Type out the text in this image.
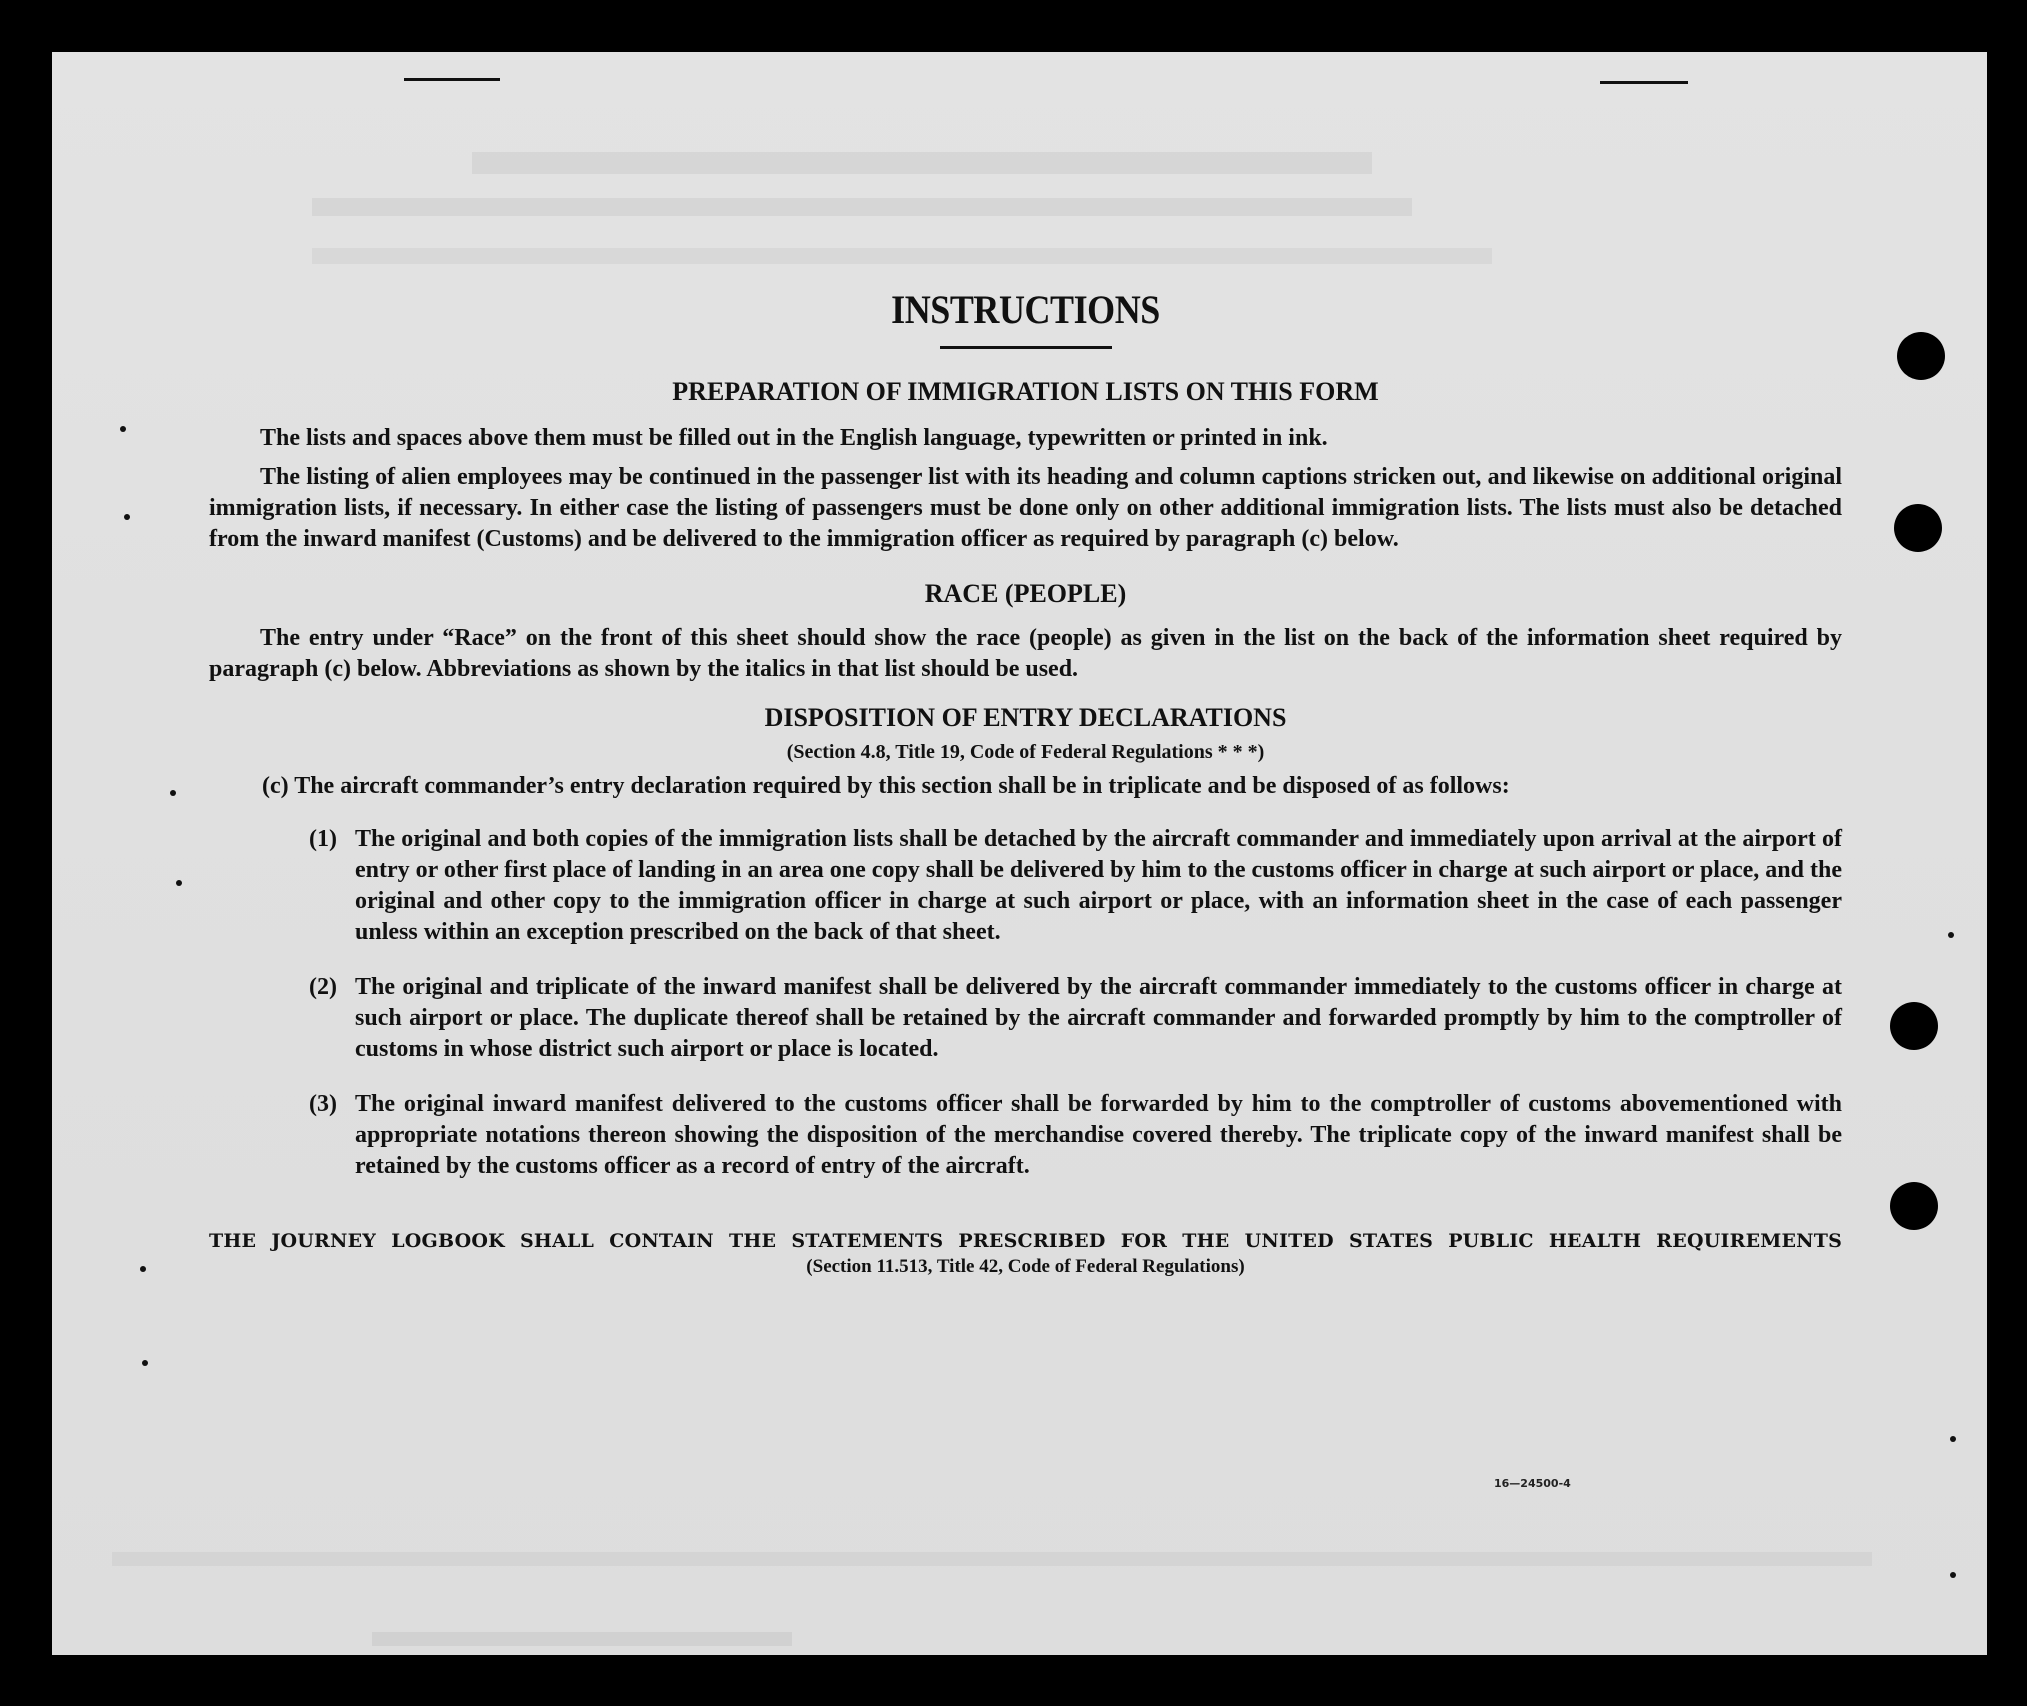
INSTRUCTIONS
PREPARATION OF IMMIGRATION LISTS ON THIS FORM

The lists and spaces above them must be filled out in the English language, typewritten or printed in ink.

The listing of alien employees may be continued in the passenger list with its heading and column captions stricken out, and likewise on additional original immigration lists, if necessary. In either case the listing of passengers must be done only on other additional immigration lists. The lists must also be detached from the inward manifest (Customs) and be delivered to the immigration officer as required by paragraph (c) below.

RACE (PEOPLE)

The entry under “Race” on the front of this sheet should show the race (people) as given in the list on the back of the information sheet required by paragraph (c) below. Abbreviations as shown by the italics in that list should be used.

DISPOSITION OF ENTRY DECLARATIONS

(Section 4.8, Title 19, Code of Federal Regulations * * *)

(c) The aircraft commander’s entry declaration required by this section shall be in triplicate and be disposed of as follows:

(1) The original and both copies of the immigration lists shall be detached by the aircraft commander and immediately upon arrival at the airport of entry or other first place of landing in an area one copy shall be delivered by him to the customs officer in charge at such airport or place, and the original and other copy to the immigration officer in charge at such airport or place, with an information sheet in the case of each passenger unless within an exception prescribed on the back of that sheet.
(2) The original and triplicate of the inward manifest shall be delivered by the aircraft commander immediately to the customs officer in charge at such airport or place. The duplicate thereof shall be retained by the aircraft commander and forwarded promptly by him to the comptroller of customs in whose district such airport or place is located.
(3) The original inward manifest delivered to the customs officer shall be forwarded by him to the comptroller of customs abovementioned with appropriate notations thereon showing the disposition of the merchandise covered thereby. The triplicate copy of the inward manifest shall be retained by the customs officer as a record of entry of the aircraft.

THE JOURNEY LOGBOOK SHALL CONTAIN THE STATEMENTS PRESCRIBED FOR THE UNITED STATES PUBLIC HEALTH REQUIREMENTS

(Section 11.513, Title 42, Code of Federal Regulations)

16—24500-4
